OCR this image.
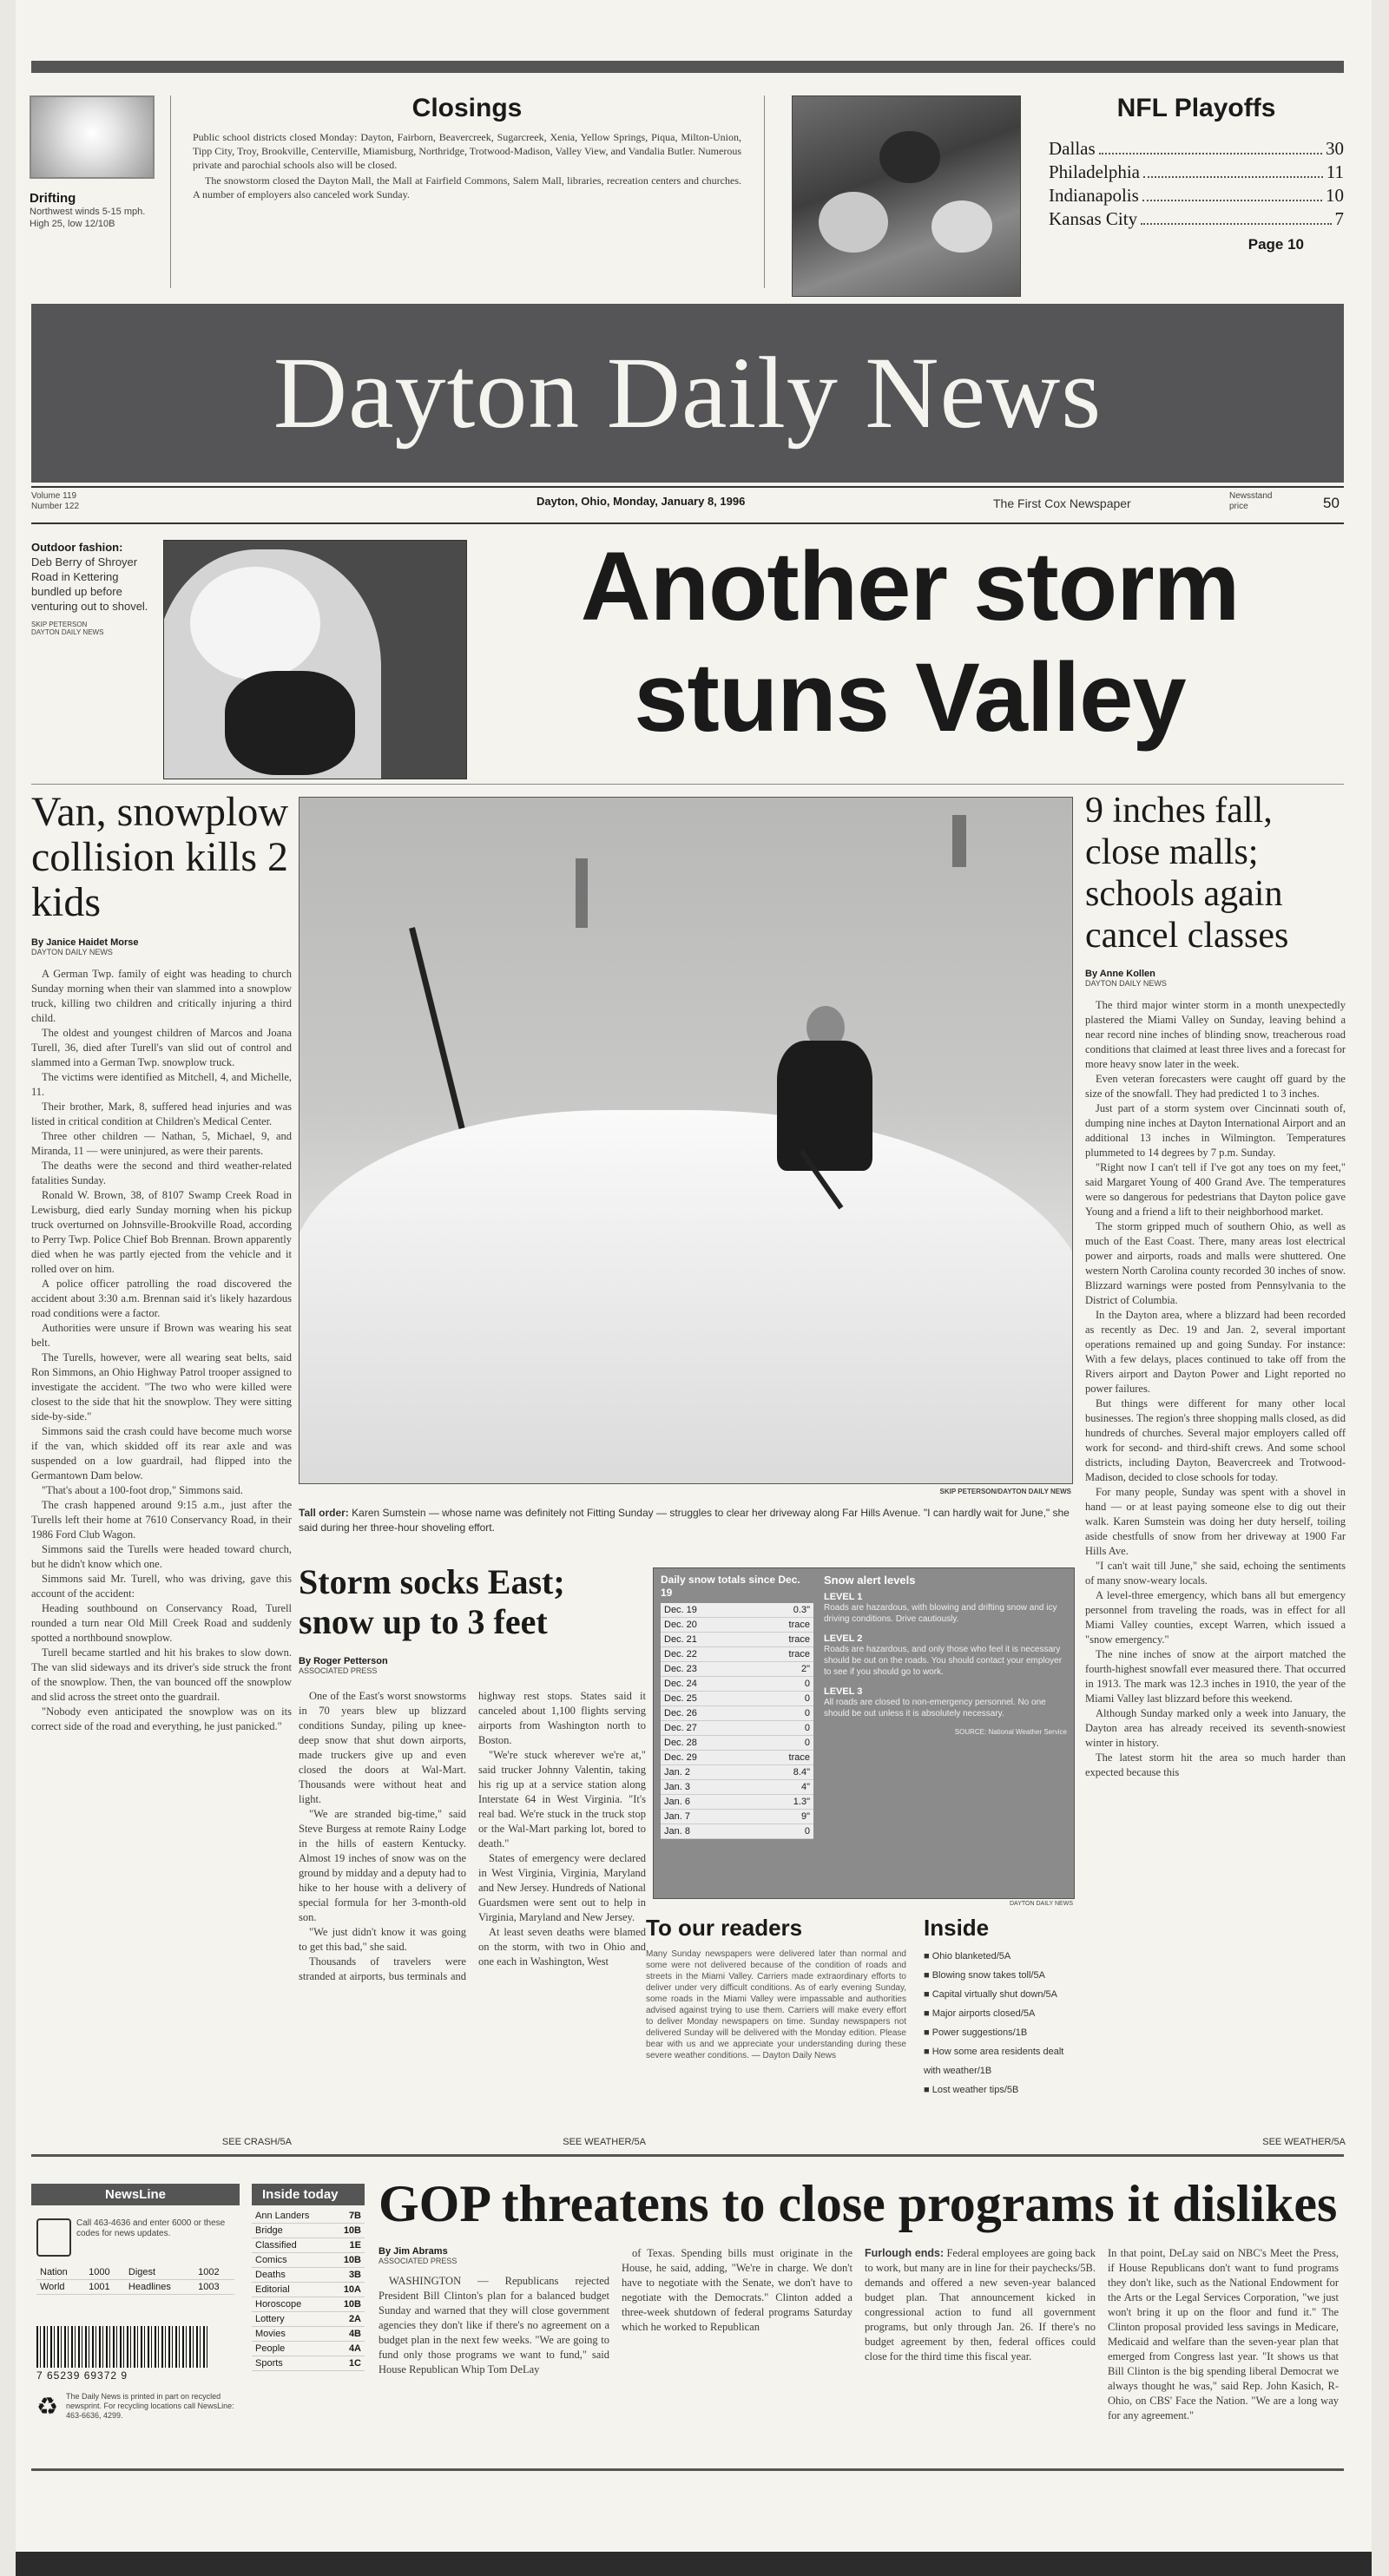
Drifting
Northwest winds 5-15 mph. High 25, low 12/10B
Closings
Public school districts closed Monday: Dayton, Fairborn, Beavercreek, Sugarcreek, Xenia, Yellow Springs, Piqua, Milton-Union, Tipp City, Troy, Brookville, Centerville, Miamisburg, Northridge, Trotwood-Madison, Valley View, and Vandalia Butler. Numerous private and parochial schools also will be closed.
The snowstorm closed the Dayton Mall, the Mall at Fairfield Commons, Salem Mall, libraries, recreation centers and churches. A number of employers also canceled work Sunday.
NFL Playoffs
Dallas	30
Philadelphia	11
Indianapolis	10
Kansas City	7
Page 10
Dayton Daily News
Volume 119
Number 122	Dayton, Ohio, Monday, January 8, 1996	The First Cox Newspaper
Newsstand price	50
Outdoor fashion:
Deb Berry of Shroyer Road in Kettering bundled up before venturing out to shovel.
SKIP PETERSON
DAYTON DAILY NEWS	Another storm stuns Valley
Van, snowplow collision kills 2 kids
By Janice Haidet Morse
DAYTON DAILY NEWS

A German Twp. family of eight was heading to church Sunday morning when their van slammed into a snowplow truck, killing two children and critically injuring a third child.

The oldest and youngest children of Marcos and Joana Turell, 36, died after Turell's van slid out of control and slammed into a German Twp. snowplow truck.

The victims were identified as Mitchell, 4, and Michelle, 11.

Their brother, Mark, 8, suffered head injuries and was listed in critical condition at Children's Medical Center.

Three other children — Nathan, 5, Michael, 9, and Miranda, 11 — were uninjured, as were their parents.

The deaths were the second and third weather-related fatalities Sunday.

Ronald W. Brown, 38, of 8107 Swamp Creek Road in Lewisburg, died early Sunday morning when his pickup truck overturned on Johnsville-Brookville Road, according to Perry Twp. Police Chief Bob Brennan. Brown apparently died when he was partly ejected from the vehicle and it rolled over on him.

A police officer patrolling the road discovered the accident about 3:30 a.m. Brennan said it's likely hazardous road conditions were a factor.

Authorities were unsure if Brown was wearing his seat belt.

The Turells, however, were all wearing seat belts, said Ron Simmons, an Ohio Highway Patrol trooper assigned to investigate the accident. "The two who were killed were closest to the side that hit the snowplow. They were sitting side-by-side."

Simmons said the crash could have become much worse if the van, which skidded off its rear axle and was suspended on a low guardrail, had flipped into the Germantown Dam below.

"That's about a 100-foot drop," Simmons said.

The crash happened around 9:15 a.m., just after the Turells left their home at 7610 Conservancy Road, in their 1986 Ford Club Wagon.

Simmons said the Turells were headed toward church, but he didn't know which one.

Simmons said Mr. Turell, who was driving, gave this account of the accident:

Heading southbound on Conservancy Road, Turell rounded a turn near Old Mill Creek Road and suddenly spotted a northbound snowplow.

Turell became startled and hit his brakes to slow down. The van slid sideways and its driver's side struck the front of the snowplow. Then, the van bounced off the snowplow and slid across the street onto the guardrail.

"Nobody even anticipated the snowplow was on its correct side of the road and everything, he just panicked."

SEE CRASH/5A
SKIP PETERSON/DAYTON DAILY NEWS
Tall order: Karen Sumstein — whose name was definitely not Fitting Sunday — struggles to clear her driveway along Far Hills Avenue. "I can hardly wait for June," she said during her three-hour shoveling effort.
9 inches fall, close malls; schools again cancel classes
By Anne Kollen
DAYTON DAILY NEWS

The third major winter storm in a month unexpectedly plastered the Miami Valley on Sunday, leaving behind a near record nine inches of blinding snow, treacherous road conditions that claimed at least three lives and a forecast for more heavy snow later in the week.

Even veteran forecasters were caught off guard by the size of the snowfall. They had predicted 1 to 3 inches.

Just part of a storm system over Cincinnati south of, dumping nine inches at Dayton International Airport and an additional 13 inches in Wilmington. Temperatures plummeted to 14 degrees by 7 p.m. Sunday.

"Right now I can't tell if I've got any toes on my feet," said Margaret Young of 400 Grand Ave. The temperatures were so dangerous for pedestrians that Dayton police gave Young and a friend a lift to their neighborhood market.

The storm gripped much of southern Ohio, as well as much of the East Coast. There, many areas lost electrical power and airports, roads and malls were shuttered. One western North Carolina county recorded 30 inches of snow. Blizzard warnings were posted from Pennsylvania to the District of Columbia.

In the Dayton area, where a blizzard had been recorded as recently as Dec. 19 and Jan. 2, several important operations remained up and going Sunday. For instance: With a few delays, places continued to take off from the Rivers airport and Dayton Power and Light reported no power failures.

But things were different for many other local businesses. The region's three shopping malls closed, as did hundreds of churches. Several major employers called off work for second- and third-shift crews. And some school districts, including Dayton, Beavercreek and Trotwood-Madison, decided to close schools for today.

For many people, Sunday was spent with a shovel in hand — or at least paying someone else to dig out their walk. Karen Sumstein was doing her duty herself, toiling aside chestfulls of snow from her driveway at 1900 Far Hills Ave.

"I can't wait till June," she said, echoing the sentiments of many snow-weary locals.

A level-three emergency, which bans all but emergency personnel from traveling the roads, was in effect for all Miami Valley counties, except Warren, which issued a "snow emergency."

The nine inches of snow at the airport matched the fourth-highest snowfall ever measured there. That occurred in 1913. The mark was 12.3 inches in 1910, the year of the Miami Valley last blizzard before this weekend.

Although Sunday marked only a week into January, the Dayton area has already received its seventh-snowiest winter in history.

The latest storm hit the area so much harder than expected because this

SEE WEATHER/5A
Storm socks East; snow up to 3 feet
By Roger Petterson
ASSOCIATED PRESS

One of the East's worst snowstorms in 70 years blew up blizzard conditions Sunday, piling up knee-deep snow that shut down airports, made truckers give up and even closed the doors at Wal-Mart. Thousands were without heat and light.

"We are stranded big-time," said Steve Burgess at remote Rainy Lodge in the hills of eastern Kentucky. Almost 19 inches of snow was on the ground by midday and a deputy had to hike to her house with a delivery of special formula for her 3-month-old son.

"We just didn't know it was going to get this bad," she said.

Thousands of travelers were stranded at airports, bus terminals and highway rest stops. States said it canceled about 1,100 flights serving airports from Washington north to Boston.

"We're stuck wherever we're at," said trucker Johnny Valentin, taking his rig up at a service station along Interstate 64 in West Virginia. "It's real bad. We're stuck in the truck stop or the Wal-Mart parking lot, bored to death."

States of emergency were declared in West Virginia, Virginia, Maryland and New Jersey. Hundreds of National Guardsmen were sent out to help in Virginia, Maryland and New Jersey.

At least seven deaths were blamed on the storm, with two in Ohio and one each in Washington, West

SEE WEATHER/5A
Daily snow totals since Dec. 19
Dec. 19	0.3"
Dec. 20	trace
Dec. 21	trace
Dec. 22	trace
Dec. 23	2"
Dec. 24	0
Dec. 25	0
Dec. 26	0
Dec. 27	0
Dec. 28	0
Dec. 29	trace
Jan. 2	8.4"
Jan. 3	4"
Jan. 6	1.3"
Jan. 7	9"
Jan. 8	0
Snow alert levels
LEVEL 1
Roads are hazardous, with blowing and drifting snow and icy driving conditions. Drive cautiously.
LEVEL 2
Roads are hazardous, and only those who feel it is necessary should be out on the roads. You should contact your employer to see if you should go to work.
LEVEL 3
All roads are closed to non-emergency personnel. No one should be out unless it is absolutely necessary.
SOURCE: National Weather Service
DAYTON DAILY NEWS
To our readers
Many Sunday newspapers were delivered later than normal and some were not delivered because of the condition of roads and streets in the Miami Valley. Carriers made extraordinary efforts to deliver under very difficult conditions. As of early evening Sunday, some roads in the Miami Valley were impassable and authorities advised against trying to use them. Carriers will make every effort to deliver Monday newspapers on time. Sunday newspapers not delivered Sunday will be delivered with the Monday edition. Please bear with us and we appreciate your understanding during these severe weather conditions. — Dayton Daily News
Inside
■ Ohio blanketed/5A
■ Blowing snow takes toll/5A
■ Capital virtually shut down/5A
■ Major airports closed/5A
■ Power suggestions/1B
■ How some area residents dealt with weather/1B
■ Lost weather tips/5B
NewsLine
Call 463-4636 and enter 6000 or these codes for news updates.
Nation	1000	Digest	1002
World	1001	Headlines	1003
7 65239 69372 9
♻ The Daily News is printed in part on recycled newsprint. For recycling locations call NewsLine: 463-6636, 4299.
Inside today
Ann Landers	7B
Bridge	10B
Classified	1E
Comics	10B
Deaths	3B
Editorial	10A
Horoscope	10B
Lottery	2A
Movies	4B
People	4A
Sports	1C
GOP threatens to close programs it dislikes
By Jim Abrams
ASSOCIATED PRESS
WASHINGTON — Republicans rejected President Bill Clinton's plan for a balanced budget Sunday and warned that they will close government agencies they don't like if there's no agreement on a budget plan in the next few weeks. "We are going to fund only those programs we want to fund," said House Republican Whip Tom DeLay
of Texas. Spending bills must originate in the House, he said, adding, "We're in charge. We don't have to negotiate with the Senate, we don't have to negotiate with the Democrats." Clinton added a three-week shutdown of federal programs Saturday which he worked to Republican
Furlough ends: Federal employees are going back to work, but many are in line for their paychecks/5B. demands and offered a new seven-year balanced budget plan. That announcement kicked in congressional action to fund all government programs, but only through Jan. 26. If there's no budget agreement by then, federal offices could close for the third time this fiscal year.
In that point, DeLay said on NBC's Meet the Press, if House Republicans don't want to fund programs they don't like, such as the National Endowment for the Arts or the Legal Services Corporation, "we just won't bring it up on the floor and fund it." The Clinton proposal provided less savings in Medicare, Medicaid and welfare than the seven-year plan that emerged from Congress last year. "It shows us that Bill Clinton is the big spending liberal Democrat we always thought he was," said Rep. John Kasich, R-Ohio, on CBS' Face the Nation. "We are a long way for any agreement."
